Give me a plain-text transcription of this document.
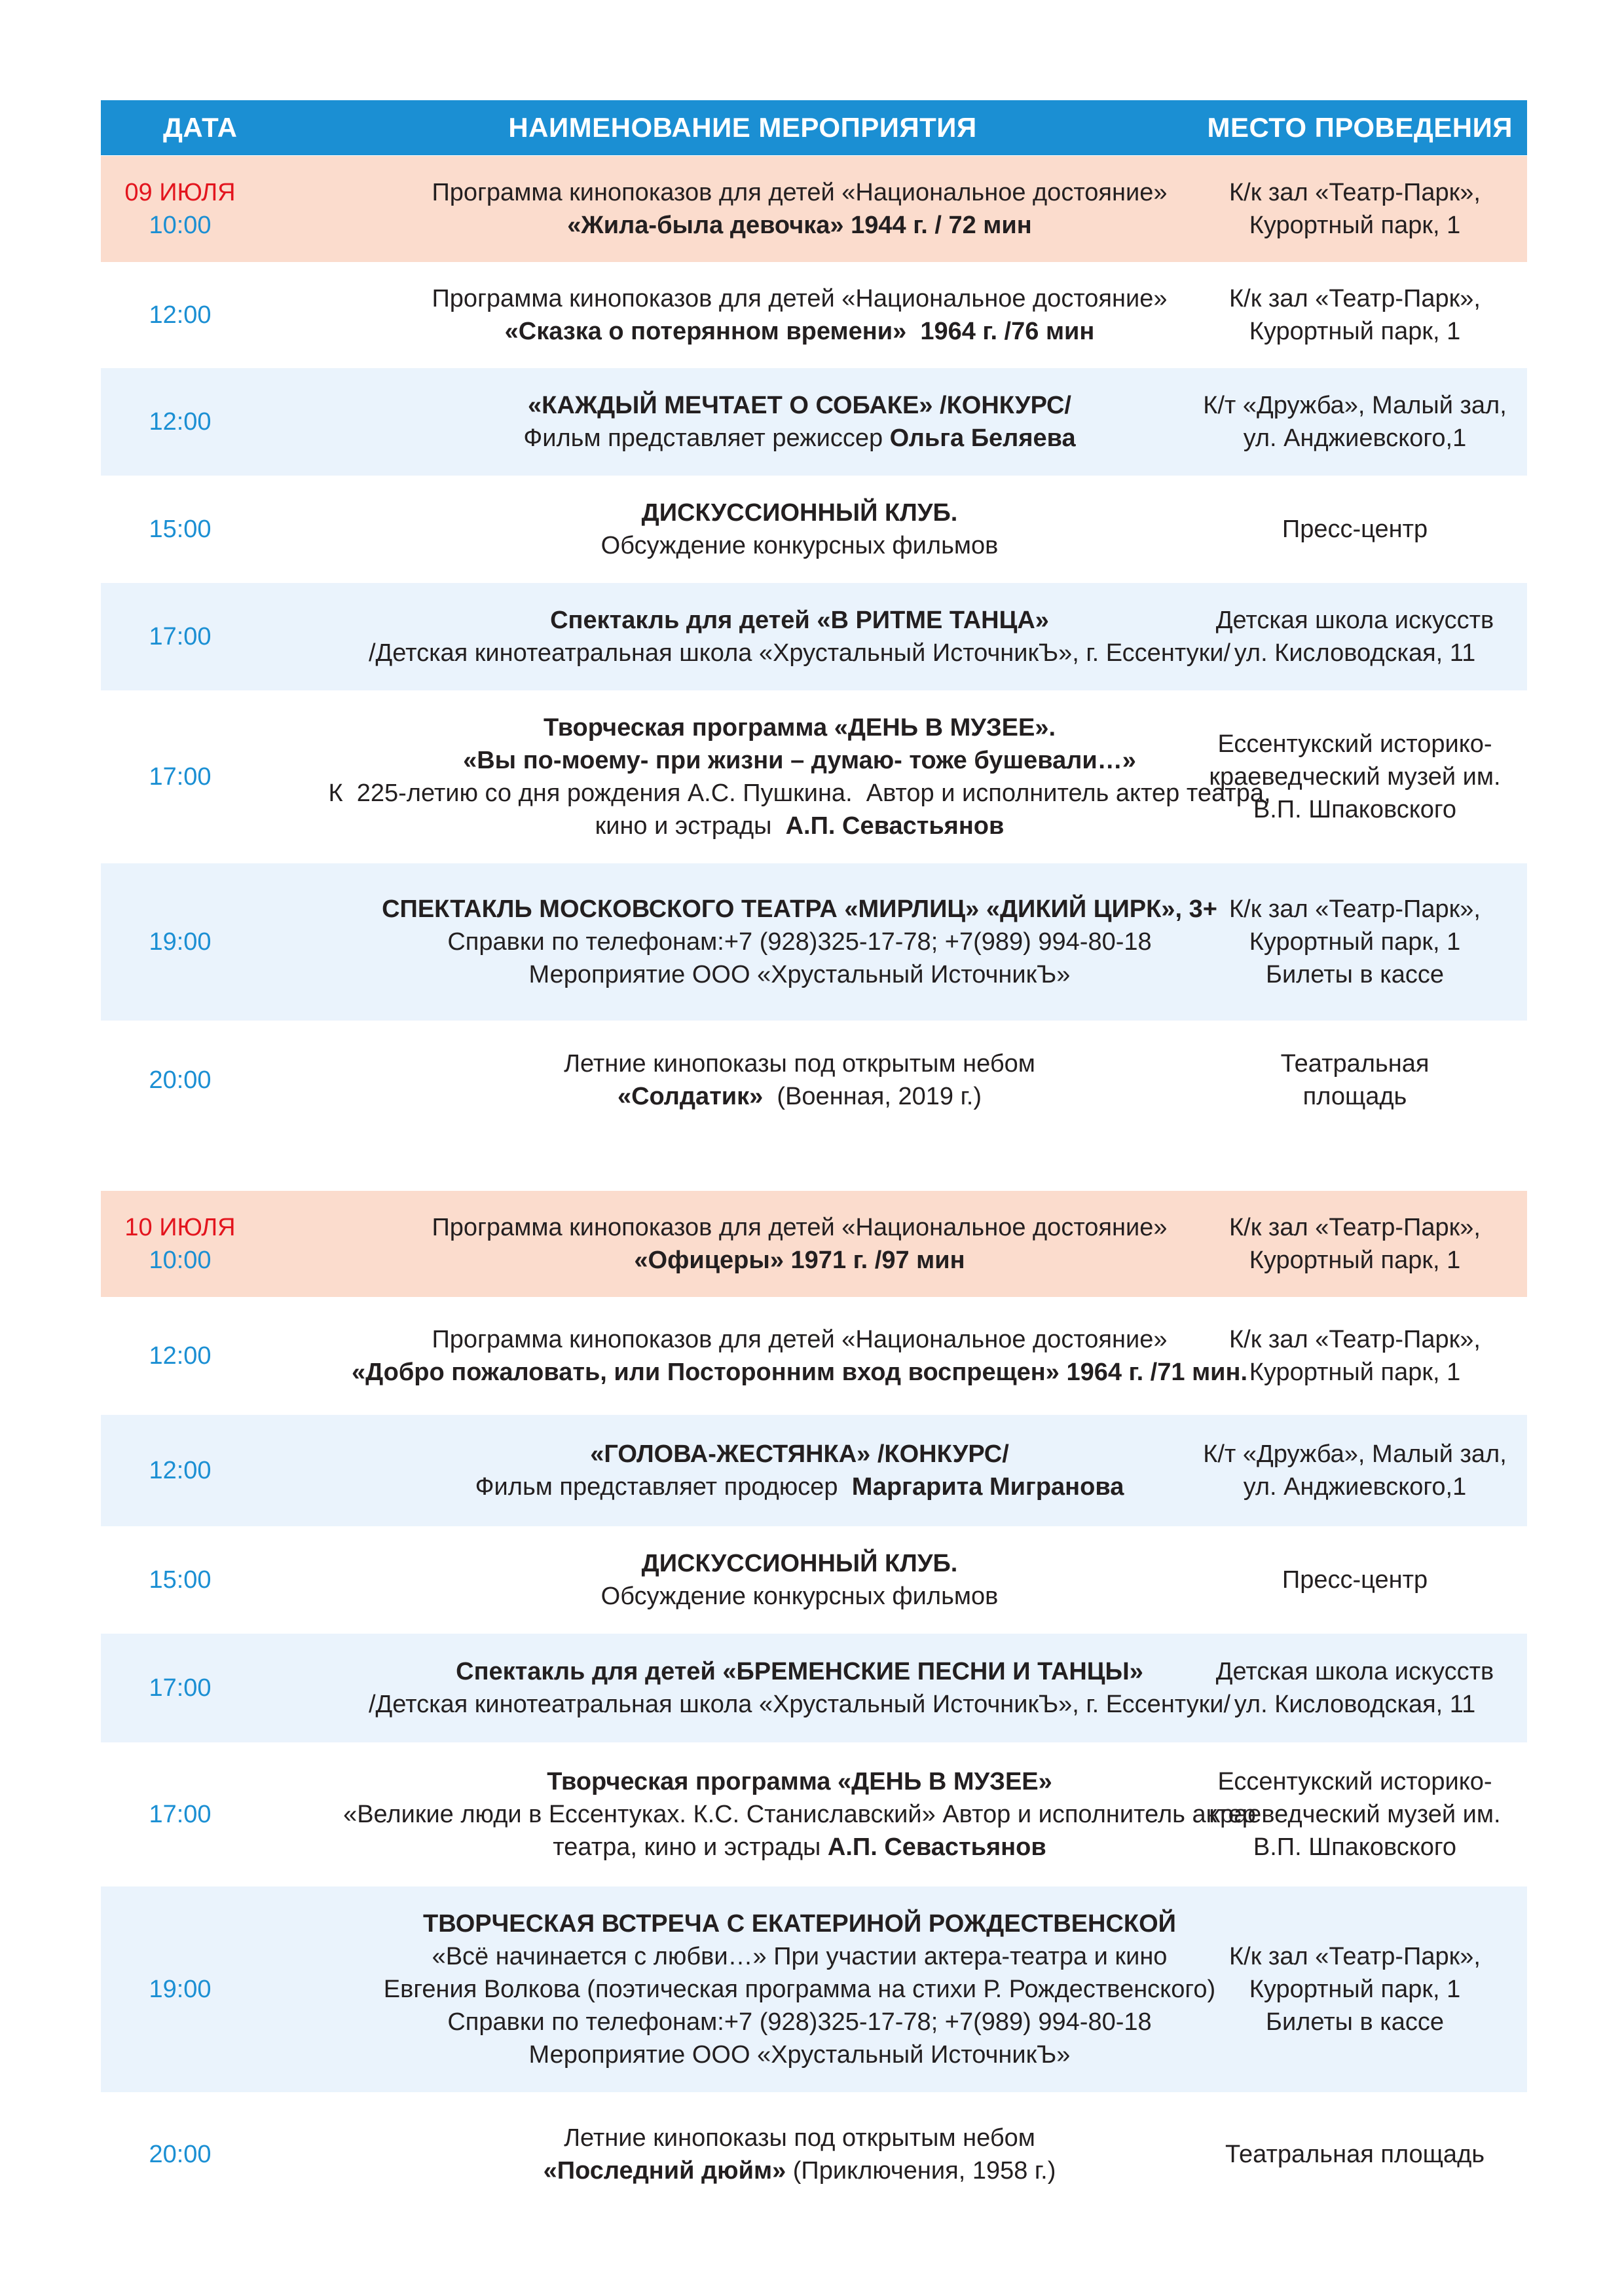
ДАТА	НАИМЕНОВАНИЕ МЕРОПРИЯТИЯ	МЕСТО ПРОВЕДЕНИЯ
09 ИЮЛЯ
10:00
Программа кинопоказов для детей «Национальное достояние»
«Жила-была девочка» 1944 г. / 72 мин
К/к зал «Театр-Парк»,
Курортный парк, 1
12:00
Программа кинопоказов для детей «Национальное достояние»
«Сказка о потерянном времени»  1964 г. /76 мин
К/к зал «Театр-Парк»,
Курортный парк, 1
12:00
«КАЖДЫЙ МЕЧТАЕТ О СОБАКЕ» /КОНКУРС/
Фильм представляет режиссер Ольга Беляева
К/т «Дружба», Малый зал,
ул. Анджиевского,1
15:00
ДИСКУССИОННЫЙ КЛУБ.
Обсуждение конкурсных фильмов
Пресс-центр
17:00
Спектакль для детей «В РИТМЕ ТАНЦА»
/Детская кинотеатральная школа «Хрустальный ИсточникЪ», г. Ессентуки/
Детская школа искусств
ул. Кисловодская, 11
17:00
Творческая программа «ДЕНЬ В МУЗЕЕ».
«Вы по-моему- при жизни – думаю- тоже бушевали…»
К  225-летию со дня рождения А.С. Пушкина.  Автор и исполнитель актер театра,
кино и эстрады  А.П. Севастьянов
Ессентукский историко-
краеведческий музей им.
В.П. Шпаковского
19:00
СПЕКТАКЛЬ МОСКОВСКОГО ТЕАТРА «МИРЛИЦ» «ДИКИЙ ЦИРК», 3+
Справки по телефонам:+7 (928)325-17-78; +7(989) 994-80-18
Мероприятие ООО «Хрустальный ИсточникЪ»
К/к зал «Театр-Парк»,
Курортный парк, 1
Билеты в кассе
20:00
Летние кинопоказы под открытым небом
«Солдатик»  (Военная, 2019 г.)
Театральная
площадь
10 ИЮЛЯ
10:00
Программа кинопоказов для детей «Национальное достояние»
«Офицеры» 1971 г. /97 мин
К/к зал «Театр-Парк»,
Курортный парк, 1
12:00
Программа кинопоказов для детей «Национальное достояние»
«Добро пожаловать, или Посторонним вход воспрещен» 1964 г. /71 мин.
К/к зал «Театр-Парк»,
Курортный парк, 1
12:00
«ГОЛОВА-ЖЕСТЯНКА» /КОНКУРС/
Фильм представляет продюсер  Маргарита Мигранова
К/т «Дружба», Малый зал,
ул. Анджиевского,1
15:00
ДИСКУССИОННЫЙ КЛУБ.
Обсуждение конкурсных фильмов
Пресс-центр
17:00
Спектакль для детей «БРЕМЕНСКИЕ ПЕСНИ И ТАНЦЫ»
/Детская кинотеатральная школа «Хрустальный ИсточникЪ», г. Ессентуки/
Детская школа искусств
ул. Кисловодская, 11
17:00
Творческая программа «ДЕНЬ В МУЗЕЕ»
«Великие люди в Ессентуках. К.С. Станиславский» Автор и исполнитель актер
театра, кино и эстрады А.П. Севастьянов
Ессентукский историко-
краеведческий музей им.
В.П. Шпаковского
19:00
ТВОРЧЕСКАЯ ВСТРЕЧА С ЕКАТЕРИНОЙ РОЖДЕСТВЕНСКОЙ
«Всё начинается с любви…» При участии актера-театра и кино
Евгения Волкова (поэтическая программа на стихи Р. Рождественского)
Справки по телефонам:+7 (928)325-17-78; +7(989) 994-80-18
Мероприятие ООО «Хрустальный ИсточникЪ»
К/к зал «Театр-Парк»,
Курортный парк, 1
Билеты в кассе
20:00
Летние кинопоказы под открытым небом
«Последний дюйм» (Приключения, 1958 г.)
Театральная площадь
